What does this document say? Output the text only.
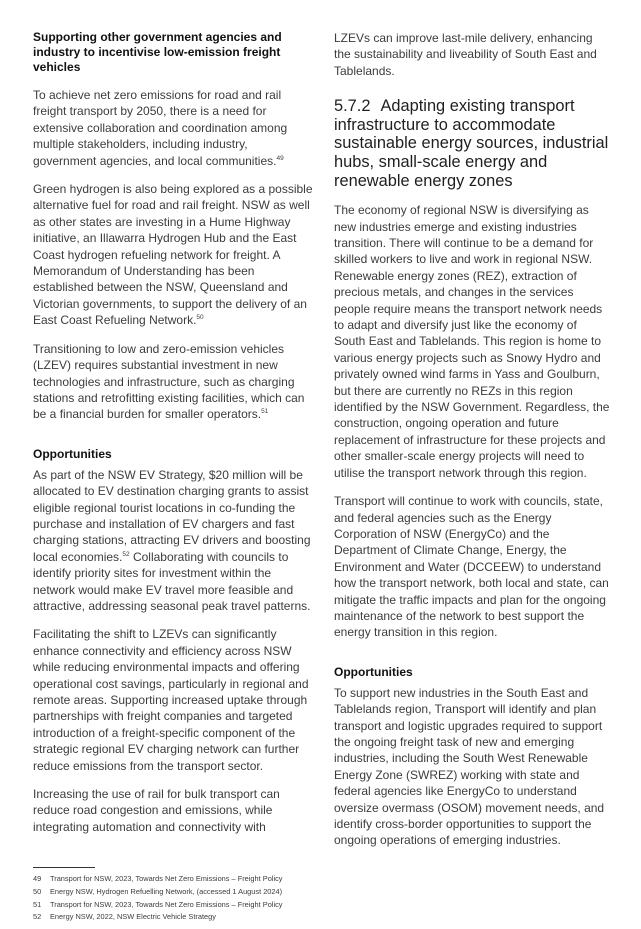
Supporting other government agencies and industry to incentivise low-emission freight vehicles

To achieve net zero emissions for road and rail freight transport by 2050, there is a need for extensive collaboration and coordination among multiple stakeholders, including industry, government agencies, and local communities.$^{49}$

Green hydrogen is also being explored as a possible alternative fuel for road and rail freight. NSW as well as other states are investing in a Hume Highway initiative, an Illawarra Hydrogen Hub and the East Coast hydrogen refueling network for freight. A Memorandum of Understanding has been established between the NSW, Queensland and Victorian governments, to support the delivery of an East Coast Refueling Network.$^{50}$

Transitioning to low and zero-emission vehicles (LZEV) requires substantial investment in new technologies and infrastructure, such as charging stations and retrofitting existing facilities, which can be a financial burden for smaller operators.$^{51}$

Opportunities

As part of the NSW EV Strategy, $20 million will be allocated to EV destination charging grants to assist eligible regional tourist locations in co-funding the purchase and installation of EV chargers and fast charging stations, attracting EV drivers and boosting local economies.$^{52}$ Collaborating with councils to identify priority sites for investment within the network would make EV travel more feasible and attractive, addressing seasonal peak travel patterns.

Facilitating the shift to LZEVs can significantly enhance connectivity and efficiency across NSW while reducing environmental impacts and offering operational cost savings, particularly in regional and remote areas. Supporting increased uptake through partnerships with freight companies and targeted introduction of a freight-specific component of the strategic regional EV charging network can further reduce emissions from the transport sector.

Increasing the use of rail for bulk transport can reduce road congestion and emissions, while integrating automation and connectivity with

LZEVs can improve last-mile delivery, enhancing the sustainability and liveability of South East and Tablelands.

5.7.2 Adapting existing transport infrastructure to accommodate sustainable energy sources, industrial hubs, small-scale energy and renewable energy zones

The economy of regional NSW is diversifying as new industries emerge and existing industries transition. There will continue to be a demand for skilled workers to live and work in regional NSW. Renewable energy zones (REZ), extraction of precious metals, and changes in the services people require means the transport network needs to adapt and diversify just like the economy of South East and Tablelands. This region is home to various energy projects such as Snowy Hydro and privately owned wind farms in Yass and Goulburn, but there are currently no REZs in this region identified by the NSW Government. Regardless, the construction, ongoing operation and future replacement of infrastructure for these projects and other smaller-scale energy projects will need to utilise the transport network through this region.

Transport will continue to work with councils, state, and federal agencies such as the Energy Corporation of NSW (EnergyCo) and the Department of Climate Change, Energy, the Environment and Water (DCCEEW) to understand how the transport network, both local and state, can mitigate the traffic impacts and plan for the ongoing maintenance of the network to best support the energy transition in this region.

Opportunities

To support new industries in the South East and Tablelands region, Transport will identify and plan transport and logistic upgrades required to support the ongoing freight task of new and emerging industries, including the South West Renewable Energy Zone (SWREZ) working with state and federal agencies like EnergyCo to understand oversize overmass (OSOM) movement needs, and identify cross-border opportunities to support the ongoing operations of emerging industries.

49 Transport for NSW, 2023, Towards Net Zero Emissions – Freight Policy
50 Energy NSW, Hydrogen Refuelling Network, (accessed 1 August 2024)
51 Transport for NSW, 2023, Towards Net Zero Emissions – Freight Policy
52 Energy NSW, 2022, NSW Electric Vehicle Strategy
